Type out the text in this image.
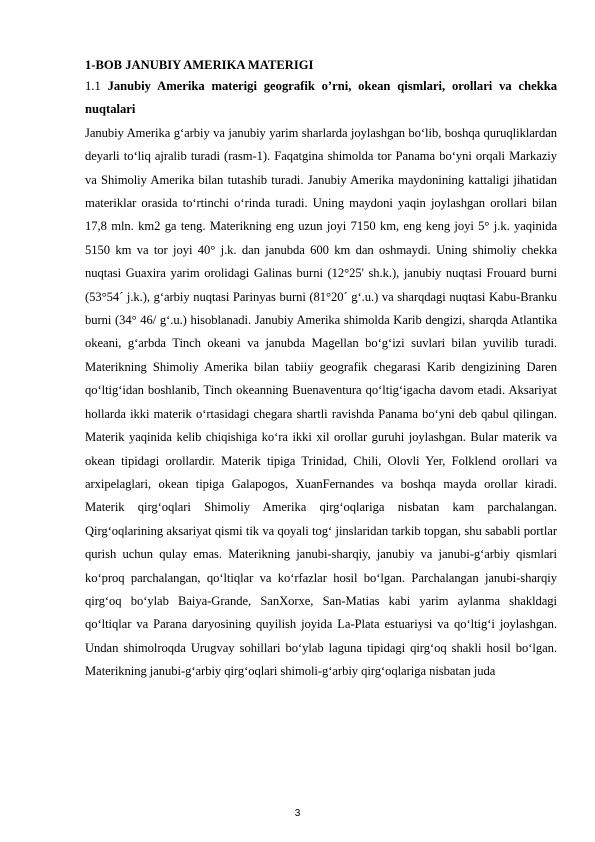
1-BOB JANUBIY AMERIKA MATERIGI

1.1 Janubiy Amerika materigi geografik o’rni, okean qismlari, orollari va chekka nuqtalari

Janubiy Amerika g‘arbiy va janubiy yarim sharlarda joylashgan bo‘lib, boshqa quruqliklardan deyarli to‘liq ajralib turadi (rasm-1). Faqatgina shimolda tor Panama bo‘yni orqali Markaziy va Shimoliy Amerika bilan tutashib turadi. Janubiy Amerika maydonining kattaligi jihatidan materiklar orasida to‘rtinchi o‘rinda turadi. Uning maydoni yaqin joylashgan orollari bilan 17,8 mln. km2 ga teng. Materikning eng uzun joyi 7150 km, eng keng joyi 5° j.k. yaqinida 5150 km va tor joyi 40° j.k. dan janubda 600 km dan oshmaydi. Uning shimoliy chekka nuqtasi Guaxira yarim orolidagi Galinas burni (12°25' sh.k.), janubiy nuqtasi Frouard burni (53°54´ j.k.), g‘arbiy nuqtasi Parinyas burni (81°20´ g‘.u.) va sharqdagi nuqtasi Kabu-Branku burni (34° 46/ g‘.u.) hisoblanadi. Janubiy Amerika shimolda Karib dengizi, sharqda Atlantika okeani, g‘arbda Tinch okeani va janubda Magellan bo‘g‘izi suvlari bilan yuvilib turadi. Materikning Shimoliy Amerika bilan tabiiy geografik chegarasi Karib dengizining Daren qo‘ltig‘idan boshlanib, Tinch okeanning Buenaventura qo‘ltig‘igacha davom etadi. Aksariyat hollarda ikki materik o‘rtasidagi chegara shartli ravishda Panama bo‘yni deb qabul qilingan. Materik yaqinida kelib chiqishiga ko‘ra ikki xil orollar guruhi joylashgan. Bular materik va okean tipidagi orollardir. Materik tipiga Trinidad, Chili, Olovli Yer, Folklend orollari va arxipelaglari, okean tipiga Galapogos, XuanFernandes va boshqa mayda orollar kiradi. Materik qirg‘oqlari Shimoliy Amerika qirg‘oqlariga nisbatan kam parchalangan. Qirg‘oqlarining aksariyat qismi tik va qoyali tog‘ jinslaridan tarkib topgan, shu sababli portlar qurish uchun qulay emas. Materikning janubi-sharqiy, janubiy va janubi-g‘arbiy qismlari ko‘proq parchalangan, qo‘ltiqlar va ko‘rfazlar hosil bo‘lgan. Parchalangan janubi-sharqiy qirg‘oq bo‘ylab Baiya-Grande, SanXorxe, San-Matias kabi yarim aylanma shakldagi qo‘ltiqlar va Parana daryosining quyilish joyida La-Plata estuariysi va qo‘ltig‘i joylashgan. Undan shimolroqda Urugvay sohillari bo‘ylab laguna tipidagi qirg‘oq shakli hosil bo‘lgan. Materikning janubi-g‘arbiy qirg‘oqlari shimoli-g‘arbiy qirg‘oqlariga nisbatan juda

3
